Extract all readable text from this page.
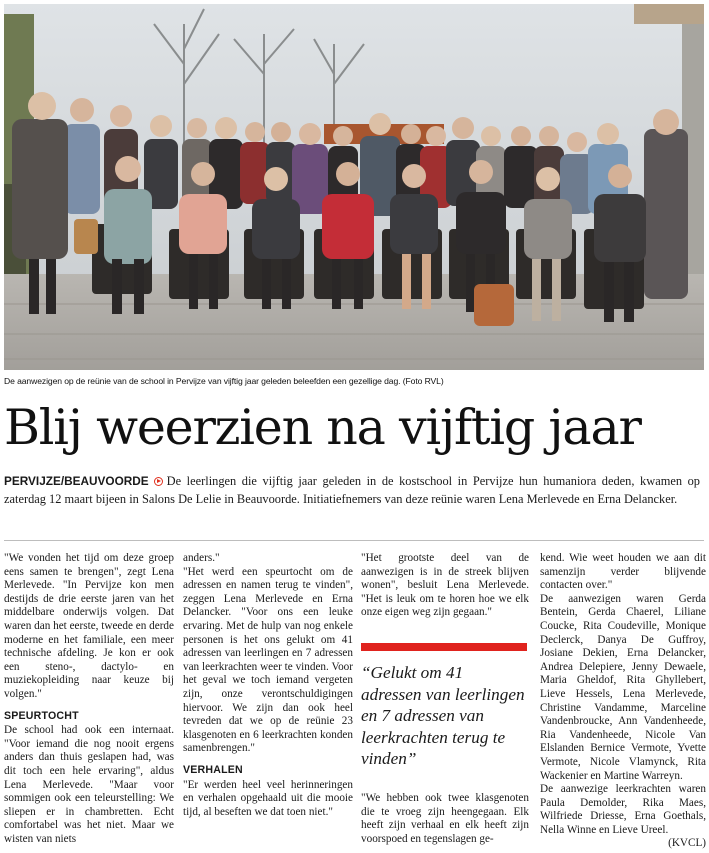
De aanwezigen op de reünie van de school in Pervijze van vijftig jaar geleden beleefden een gezellige dag. (Foto RVL)
Blij weerzien na vijftig jaar
PERVIJZE/BEAUVOORDE De leerlingen die vijftig jaar geleden in de kostschool in Pervijze hun humaniora deden, kwamen op zaterdag 12 maart bijeen in Salons De Lelie in Beauvoorde. Initiatiefnemers van deze reünie waren Lena Merlevede en Erna Delancker.

"We vonden het tijd om deze groep eens samen te brengen", zegt Lena Merlevede. "In Pervijze kon men destijds de drie eerste jaren van het middelbare onderwijs volgen. Dat waren dan het eerste, tweede en derde moderne en het familiale, een meer technische afdeling. Je kon er ook een steno-, dactylo- en muziekopleiding naar keuze bij volgen."

SPEURTOCHT

De school had ook een internaat. "Voor iemand die nog nooit ergens anders dan thuis geslapen had, was dit toch een hele ervaring", aldus Lena Merlevede. "Maar voor sommigen ook een teleurstelling: We sliepen er in chambretten. Echt comfortabel was het niet. Maar we wisten van niets

anders."

"Het werd een speurtocht om de adressen en namen terug te vinden", zeggen Lena Merlevede en Erna Delancker. "Voor ons een leuke ervaring. Met de hulp van nog enkele personen is het ons gelukt om 41 adressen van leerlingen en 7 adressen van leerkrachten weer te vinden. Voor het geval we toch iemand vergeten zijn, onze verontschuldigingen hiervoor. We zijn dan ook heel tevreden dat we op de reünie 23 klasgenoten en 6 leerkrachten konden samenbrengen."

VERHALEN

"Er werden heel veel herinneringen en verhalen opgehaald uit die mooie tijd, al beseften we dat toen niet."

"Het grootste deel van de aanwezigen is in de streek blijven wonen", besluit Lena Merlevede. "Het is leuk om te horen hoe we elk onze eigen weg zijn gegaan."

“Gelukt om 41 adressen van leerlingen en 7 adressen van leerkrachten terug te vinden”

"We hebben ook twee klasgenoten die te vroeg zijn heengegaan. Elk heeft zijn verhaal en elk heeft zijn voorspoed en tegenslagen ge-

kend. Wie weet houden we aan dit samenzijn verder blijvende contacten over."

De aanwezigen waren Gerda Bentein, Gerda Chaerel, Liliane Coucke, Rita Coudeville, Monique Declerck, Danya De Guffroy, Josiane Dekien, Erna Delancker, Andrea Delepiere, Jenny Dewaele, Maria Gheldof, Rita Ghyllebert, Lieve Hessels, Lena Merlevede, Christine Vandamme, Marceline Vandenbroucke, Ann Vandenheede, Ria Vandenheede, Nicole Van Elslanden Bernice Vermote, Yvette Vermote, Nicole Vlamynck, Rita Wackenier en Martine Warreyn.

De aanwezige leerkrachten waren Paula Demolder, Rika Maes, Wilfriede Driesse, Erna Goethals, Nella Winne en Lieve Ureel.

(KVCL)
